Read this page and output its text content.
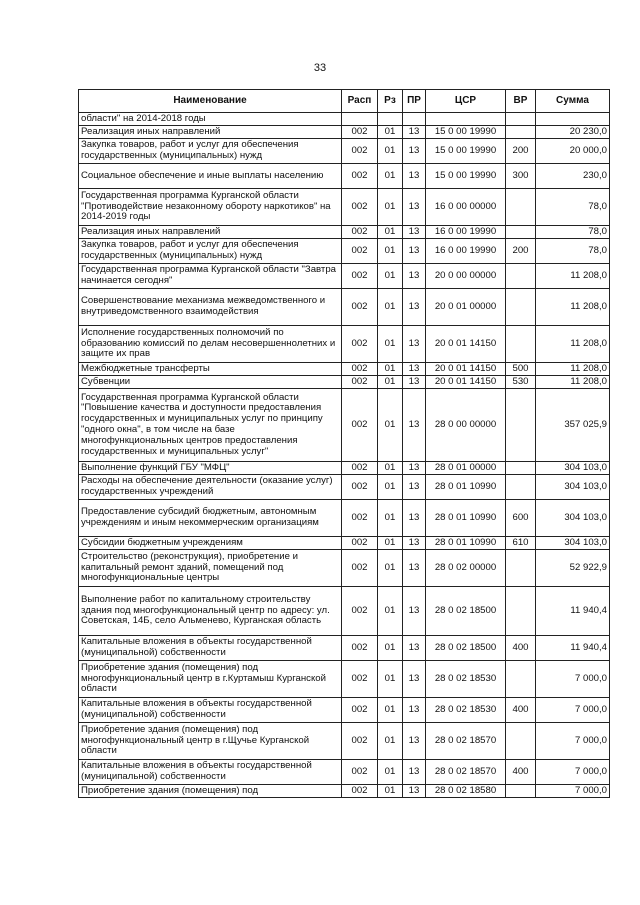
33
Наименование	Расп	Рз	ПР	ЦСР	ВР	Сумма
области" на 2014-2018 годы						
Реализация иных направлений	002	01	13	15 0 00 19990		20 230,0
Закупка товаров, работ и услуг для обеспечения государственных (муниципальных) нужд	002	01	13	15 0 00 19990	200	20 000,0
Социальное обеспечение и иные выплаты населению	002	01	13	15 0 00 19990	300	230,0
Государственная программа Курганской области "Противодействие незаконному обороту наркотиков" на 2014-2019 годы	002	01	13	16 0 00 00000		78,0
Реализация иных направлений	002	01	13	16 0 00 19990		78,0
Закупка товаров, работ и услуг для обеспечения государственных (муниципальных) нужд	002	01	13	16 0 00 19990	200	78,0
Государственная программа Курганской области "Завтра начинается сегодня"	002	01	13	20 0 00 00000		11 208,0
Совершенствование механизма межведомственного и внутриведомственного взаимодействия	002	01	13	20 0 01 00000		11 208,0
Исполнение государственных полномочий по образованию комиссий по делам несовершеннолетних и защите их прав	002	01	13	20 0 01 14150		11 208,0
Межбюджетные трансферты	002	01	13	20 0 01 14150	500	11 208,0
Субвенции	002	01	13	20 0 01 14150	530	11 208,0
Государственная программа Курганской области "Повышение качества и доступности предоставления государственных и муниципальных услуг по принципу "одного окна", в том числе на базе многофункциональных центров предоставления государственных и муниципальных услуг"	002	01	13	28 0 00 00000		357 025,9
Выполнение функций ГБУ "МФЦ"	002	01	13	28 0 01 00000		304 103,0
Расходы на обеспечение деятельности (оказание услуг) государственных учреждений	002	01	13	28 0 01 10990		304 103,0
Предоставление субсидий бюджетным, автономным учреждениям и иным некоммерческим организациям	002	01	13	28 0 01 10990	600	304 103,0
Субсидии бюджетным учреждениям	002	01	13	28 0 01 10990	610	304 103,0
Строительство (реконструкция), приобретение и капитальный ремонт зданий, помещений под многофункциональные центры	002	01	13	28 0 02 00000		52 922,9
Выполнение работ по капитальному строительству здания под многофункциональный центр по адресу: ул. Советская, 14Б, село Альменево, Курганская область	002	01	13	28 0 02 18500		11 940,4
Капитальные вложения в объекты государственной (муниципальной) собственности	002	01	13	28 0 02 18500	400	11 940,4
Приобретение здания (помещения) под многофункциональный центр в г.Куртамыш Курганской области	002	01	13	28 0 02 18530		7 000,0
Капитальные вложения в объекты государственной (муниципальной) собственности	002	01	13	28 0 02 18530	400	7 000,0
Приобретение здания (помещения) под многофункциональный центр в г.Щучье Курганской области	002	01	13	28 0 02 18570		7 000,0
Капитальные вложения в объекты государственной (муниципальной) собственности	002	01	13	28 0 02 18570	400	7 000,0
Приобретение здания (помещения) под	002	01	13	28 0 02 18580		7 000,0
